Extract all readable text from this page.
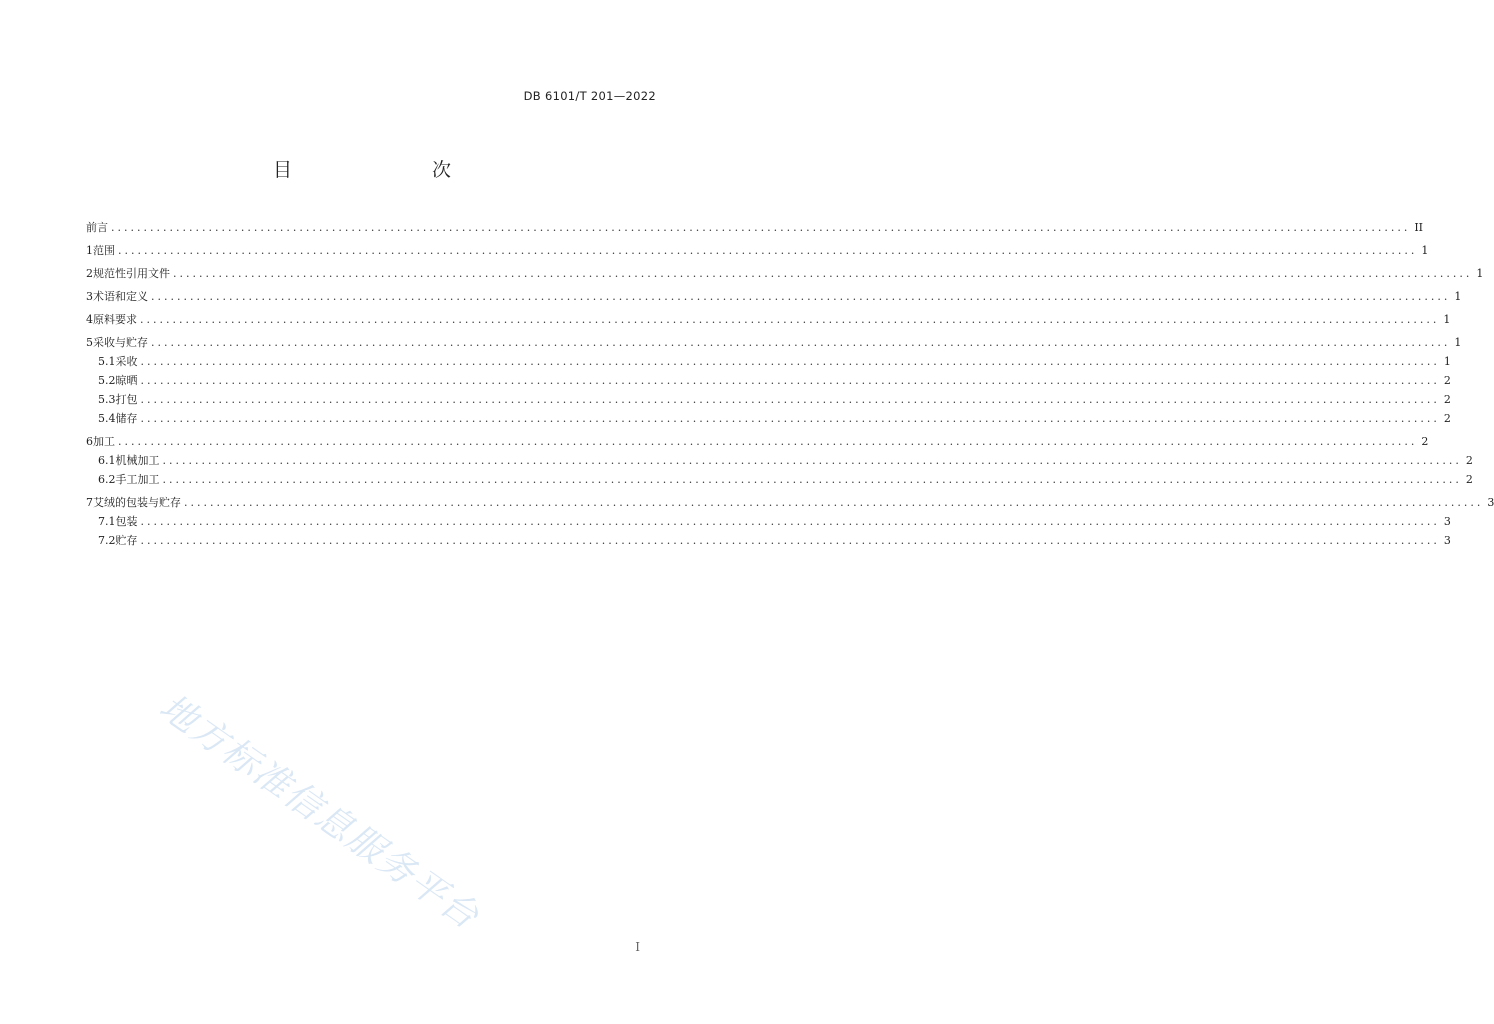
DB 6101/T 201—2022
目　　次
前言 ........................................................................................................................................................................................................ II
1 范围 ........................................................................................................................................................................................................ 1
2 规范性引用文件 ........................................................................................................................................................................................................ 1
3 术语和定义 ........................................................................................................................................................................................................ 1
4 原料要求 ........................................................................................................................................................................................................ 1
5 采收与贮存 ........................................................................................................................................................................................................ 1
5.1 采收 ........................................................................................................................................................................................................ 1
5.2 晾晒 ........................................................................................................................................................................................................ 2
5.3 打包 ........................................................................................................................................................................................................ 2
5.4 储存 ........................................................................................................................................................................................................ 2
6 加工 ........................................................................................................................................................................................................ 2
6.1 机械加工 ........................................................................................................................................................................................................ 2
6.2 手工加工 ........................................................................................................................................................................................................ 2
7 艾绒的包装与贮存 ........................................................................................................................................................................................................ 3
7.1 包装 ........................................................................................................................................................................................................ 3
7.2 贮存 ........................................................................................................................................................................................................ 3
地方标准信息服务平台
I
